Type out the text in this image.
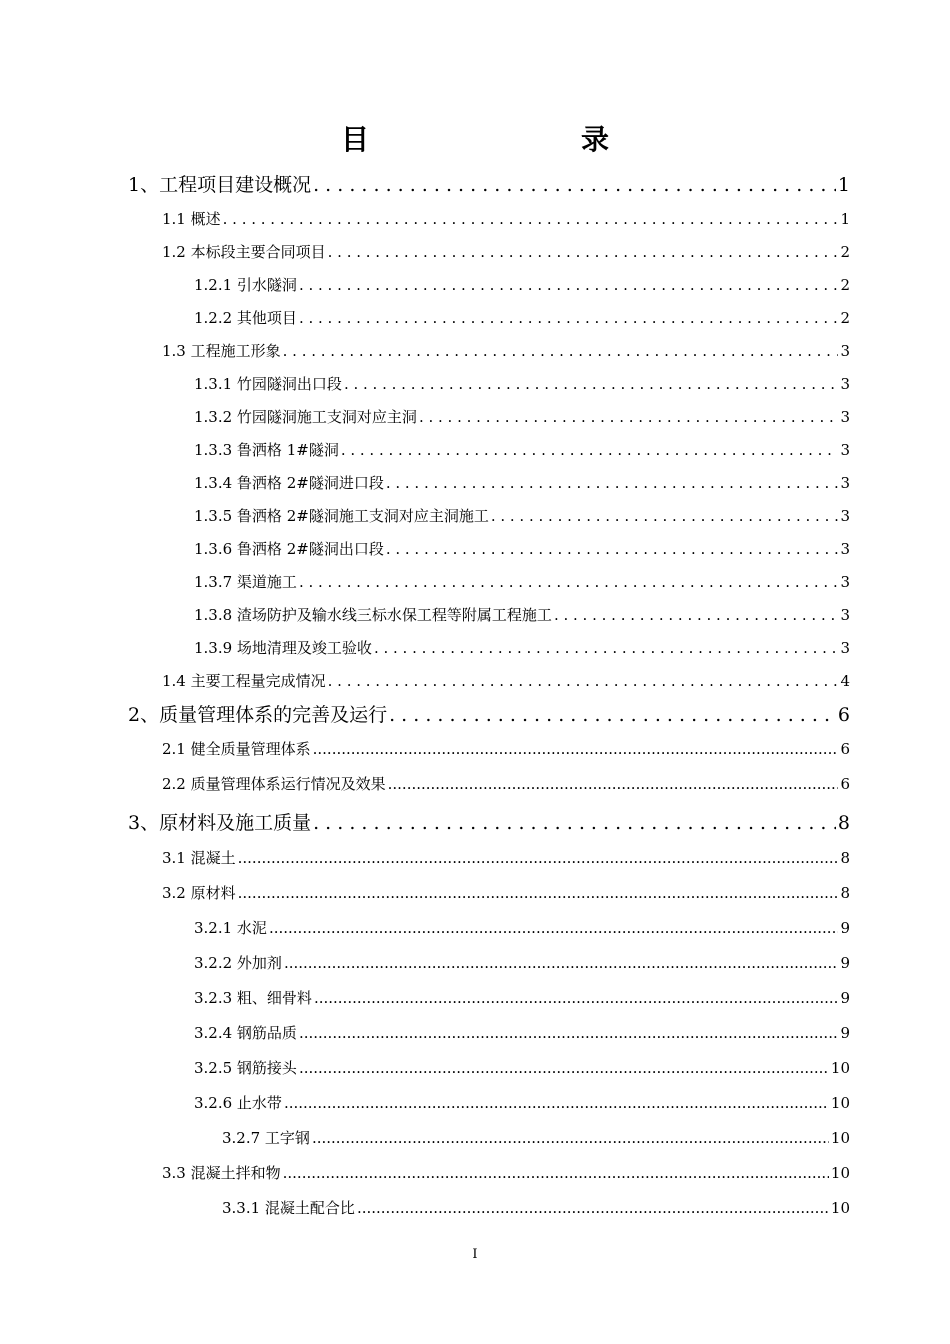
目　　录
1、工程项目建设概况 . . .	1
1.1 概述 . . .	1
1.2 本标段主要合同项目 . . .	2
1.2.1 引水隧洞 . . .	2
1.2.2 其他项目 . . .	2
1.3 工程施工形象 . . .	3
1.3.1 竹园隧洞出口段 . . .	3
1.3.2 竹园隧洞施工支洞对应主洞 . . .	3
1.3.3 鲁洒格 1#隧洞 . . .	3
1.3.4 鲁洒格 2#隧洞进口段 . . .	3
1.3.5 鲁洒格 2#隧洞施工支洞对应主洞施工 . . .	3
1.3.6 鲁洒格 2#隧洞出口段 . . .	3
1.3.7 渠道施工 . . .	3
1.3.8 渣场防护及输水线三标水保工程等附属工程施工 . . .	3
1.3.9 场地清理及竣工验收 . . .	3
1.4 主要工程量完成情况 . . .	4
2、质量管理体系的完善及运行 . . .	6
2.1 健全质量管理体系 .....	6
2.2 质量管理体系运行情况及效果 .....	6
3、原材料及施工质量 . . .	8
3.1 混凝土 .....	8
3.2 原材料 .....	8
3.2.1 水泥 .....	9
3.2.2 外加剂 .....	9
3.2.3 粗、细骨料 .....	9
3.2.4 钢筋品质 .....	9
3.2.5 钢筋接头 .....	10
3.2.6 止水带 .....	10
3.2.7 工字钢 .....	10
3.3 混凝土拌和物 .....	10
3.3.1 混凝土配合比 .....	10
I
